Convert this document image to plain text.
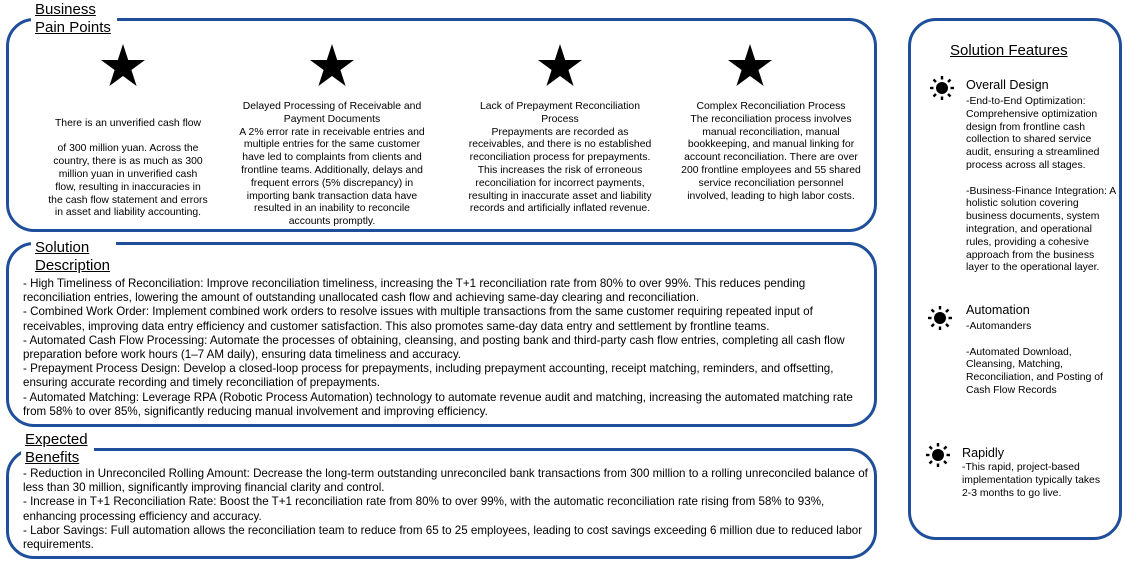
Business
Pain Points

There is an unverified cash flow

of 300 million yuan. Across the country, there is as much as 300 million yuan in unverified cash flow, resulting in inaccuracies in the cash flow statement and errors in asset and liability accounting.

Delayed Processing of Receivable and Payment Documents
A 2% error rate in receivable entries and multiple entries for the same customer have led to complaints from clients and frontline teams. Additionally, delays and frequent errors (5% discrepancy) in importing bank transaction data have resulted in an inability to reconcile accounts promptly.
Lack of Prepayment Reconciliation Process
Prepayments are recorded as receivables, and there is no established reconciliation process for prepayments. This increases the risk of erroneous reconciliation for incorrect payments, resulting in inaccurate asset and liability records and artificially inflated revenue.
Complex Reconciliation Process
The reconciliation process involves manual reconciliation, manual bookkeeping, and manual linking for account reconciliation. There are over 200 frontline employees and 55 shared service reconciliation personnel involved, leading to high labor costs.
Solution
Description
- High Timeliness of Reconciliation: Improve reconciliation timeliness, increasing the T+1 reconciliation rate from 80% to over 99%. This reduces pending reconciliation entries, lowering the amount of outstanding unallocated cash flow and achieving same-day clearing and reconciliation.
- Combined Work Order: Implement combined work orders to resolve issues with multiple transactions from the same customer requiring repeated input of receivables, improving data entry efficiency and customer satisfaction. This also promotes same-day data entry and settlement by frontline teams.
- Automated Cash Flow Processing: Automate the processes of obtaining, cleansing, and posting bank and third-party cash flow entries, completing all cash flow preparation before work hours (1–7 AM daily), ensuring data timeliness and accuracy.
- Prepayment Process Design: Develop a closed-loop process for prepayments, including prepayment accounting, receipt matching, reminders, and offsetting, ensuring accurate recording and timely reconciliation of prepayments.
- Automated Matching: Leverage RPA (Robotic Process Automation) technology to automate revenue audit and matching, increasing the automated matching rate from 58% to over 85%, significantly reducing manual involvement and improving efficiency.
Expected
Benefits
- Reduction in Unreconciled Rolling Amount: Decrease the long-term outstanding unreconciled bank transactions from 300 million to a rolling unreconciled balance of less than 30 million, significantly improving financial clarity and control.
- Increase in T+1 Reconciliation Rate: Boost the T+1 reconciliation rate from 80% to over 99%, with the automatic reconciliation rate rising from 58% to 93%, enhancing processing efficiency and accuracy.
- Labor Savings: Full automation allows the reconciliation team to reduce from 65 to 25 employees, leading to cost savings exceeding 6 million due to reduced labor requirements.
Solution Features
Overall Design
-End-to-End Optimization: Comprehensive optimization design from frontline cash collection to shared service audit, ensuring a streamlined process across all stages.

-Business-Finance Integration: A holistic solution covering business documents, system integration, and operational rules, providing a cohesive approach from the business layer to the operational layer.
Automation
-Automanders

-Automated Download, Cleansing, Matching, Reconciliation, and Posting of Cash Flow Records
Rapidly
-This rapid, project-based implementation typically takes 2-3 months to go live.
